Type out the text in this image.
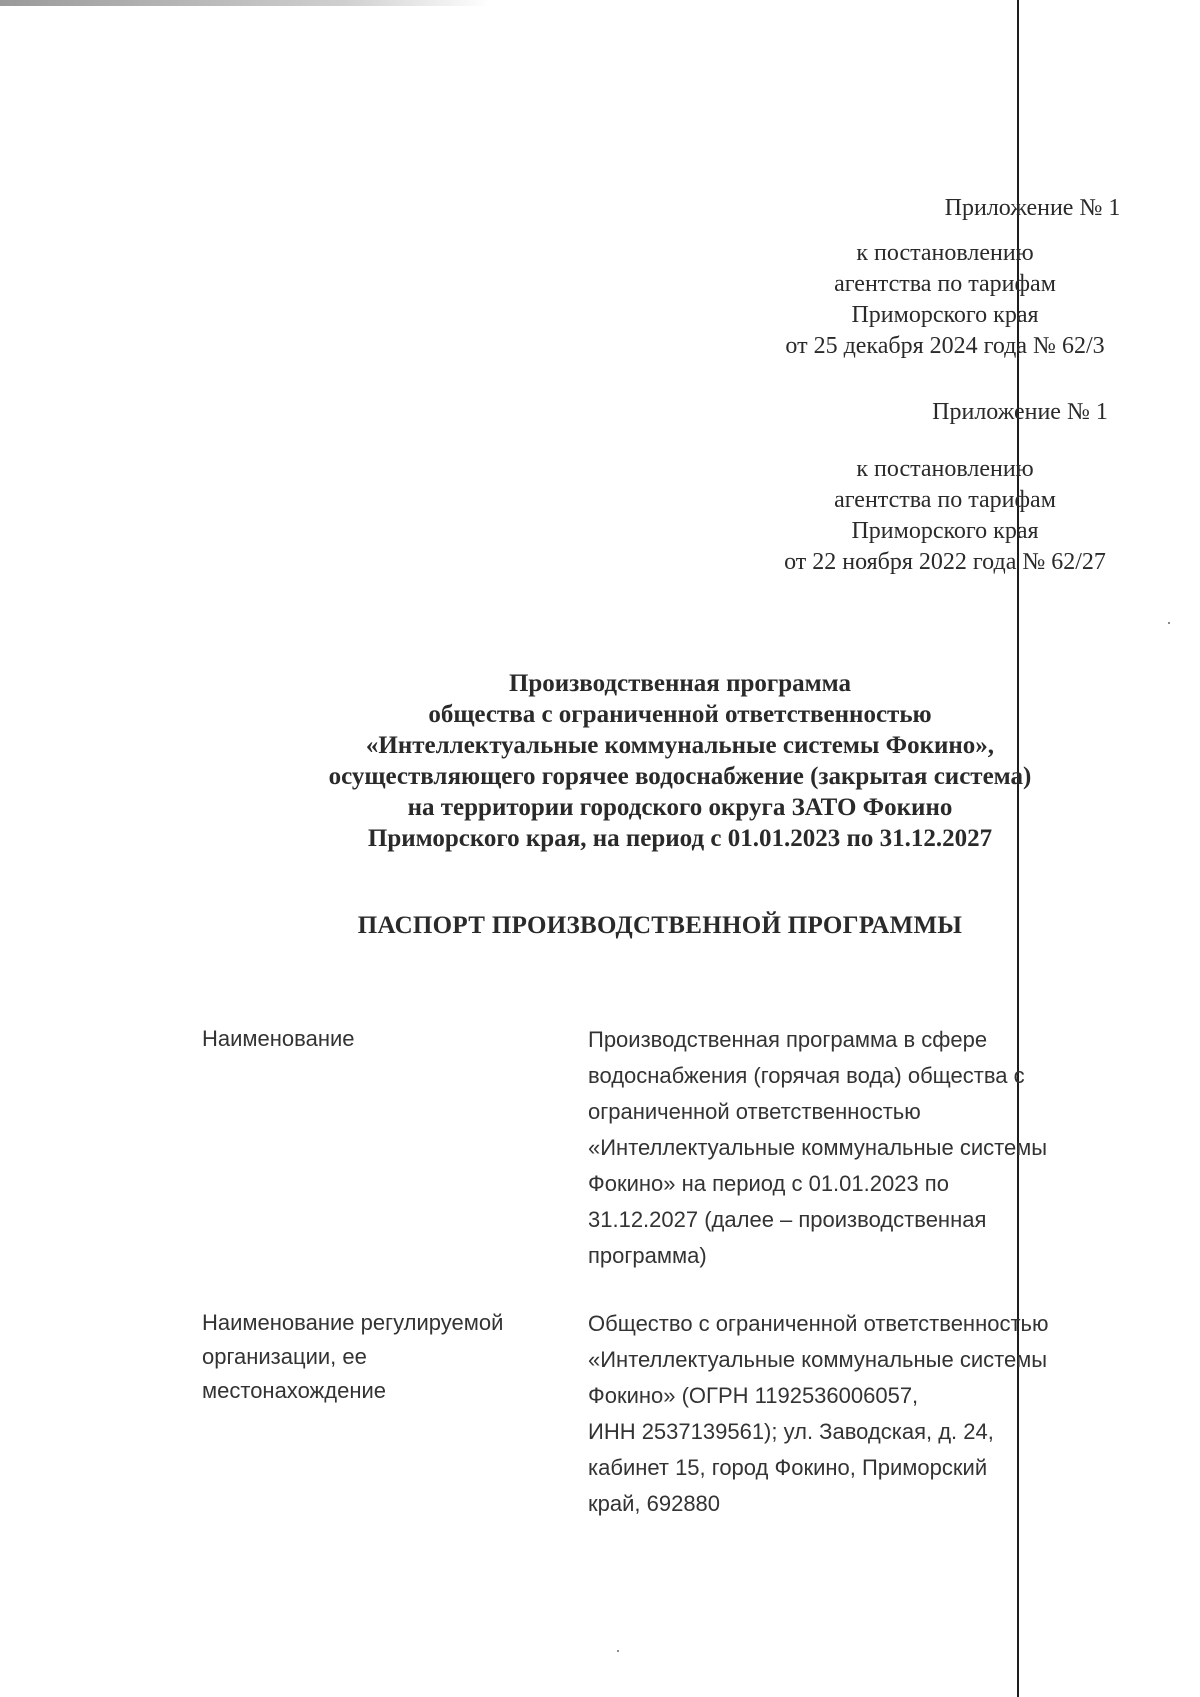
Приложение № 1
к постановлению
агентства по тарифам
Приморского края
от 25 декабря 2024 года № 62/3
Приложение № 1
к постановлению
агентства по тарифам
Приморского края
от 22 ноября 2022 года № 62/27
Производственная программа
общества с ограниченной ответственностью
«Интеллектуальные коммунальные системы Фокино»,
осуществляющего горячее водоснабжение (закрытая система)
на территории городского округа ЗАТО Фокино
Приморского края, на период с 01.01.2023 по 31.12.2027
ПАСПОРТ ПРОИЗВОДСТВЕННОЙ ПРОГРАММЫ
Наименование	Производственная программа в сфере
водоснабжения (горячая вода) общества с
ограниченной ответственностью
«Интеллектуальные коммунальные системы
Фокино» на период с 01.01.2023 по
31.12.2027 (далее – производственная
программа)
Наименование регулируемой
организации, ее
местонахождение
Общество с ограниченной ответственностью
«Интеллектуальные коммунальные системы
Фокино» (ОГРН 1192536006057,
ИНН 2537139561); ул. Заводская, д. 24,
кабинет 15, город Фокино, Приморский
край, 692880
